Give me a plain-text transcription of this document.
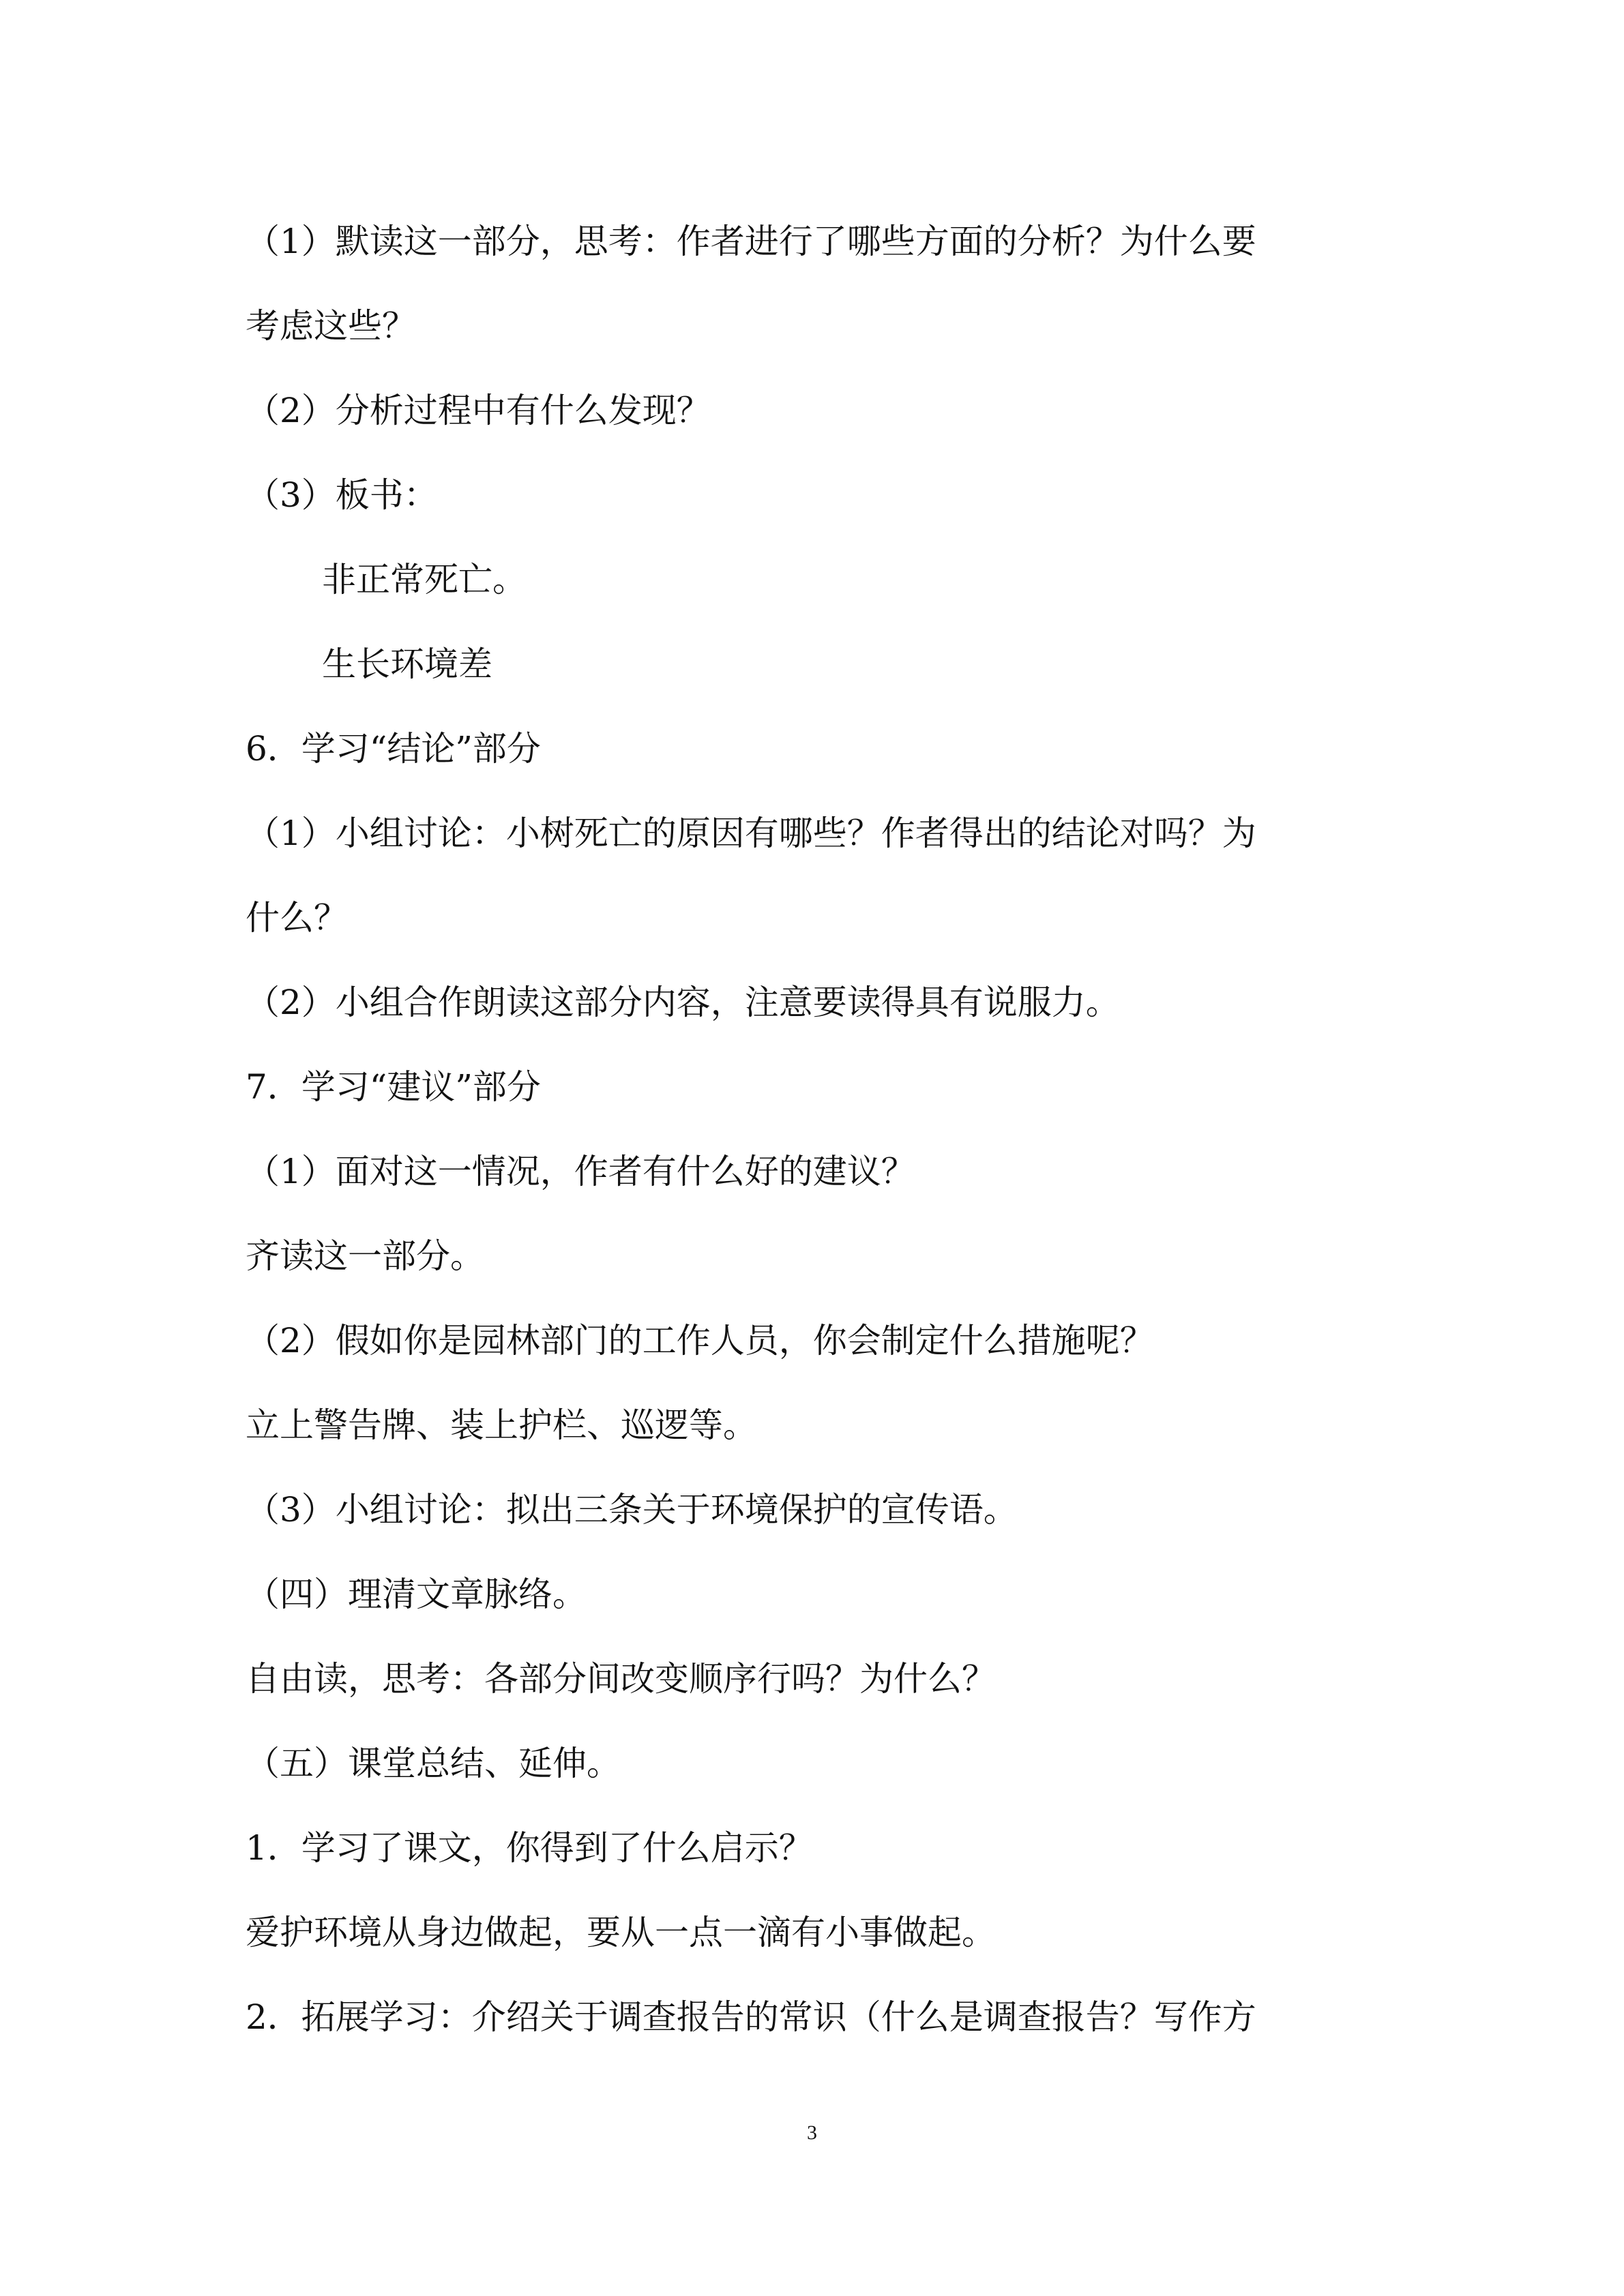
（1）默读这一部分，思考：作者进行了哪些方面的分析？为什么要
考虑这些？
（2）分析过程中有什么发现？
（3）板书：
非正常死亡。
生长环境差
6．学习“结论”部分
（1）小组讨论：小树死亡的原因有哪些？作者得出的结论对吗？为
什么？
（2）小组合作朗读这部分内容，注意要读得具有说服力。
7．学习“建议”部分
（1）面对这一情况，作者有什么好的建议？
齐读这一部分。
（2）假如你是园林部门的工作人员，你会制定什么措施呢？
立上警告牌、装上护栏、巡逻等。
（3）小组讨论：拟出三条关于环境保护的宣传语。
（四）理清文章脉络。
自由读，思考：各部分间改变顺序行吗？为什么？
（五）课堂总结、延伸。
1．学习了课文，你得到了什么启示？
爱护环境从身边做起，要从一点一滴有小事做起。
2．拓展学习：介绍关于调查报告的常识（什么是调查报告？写作方
3
